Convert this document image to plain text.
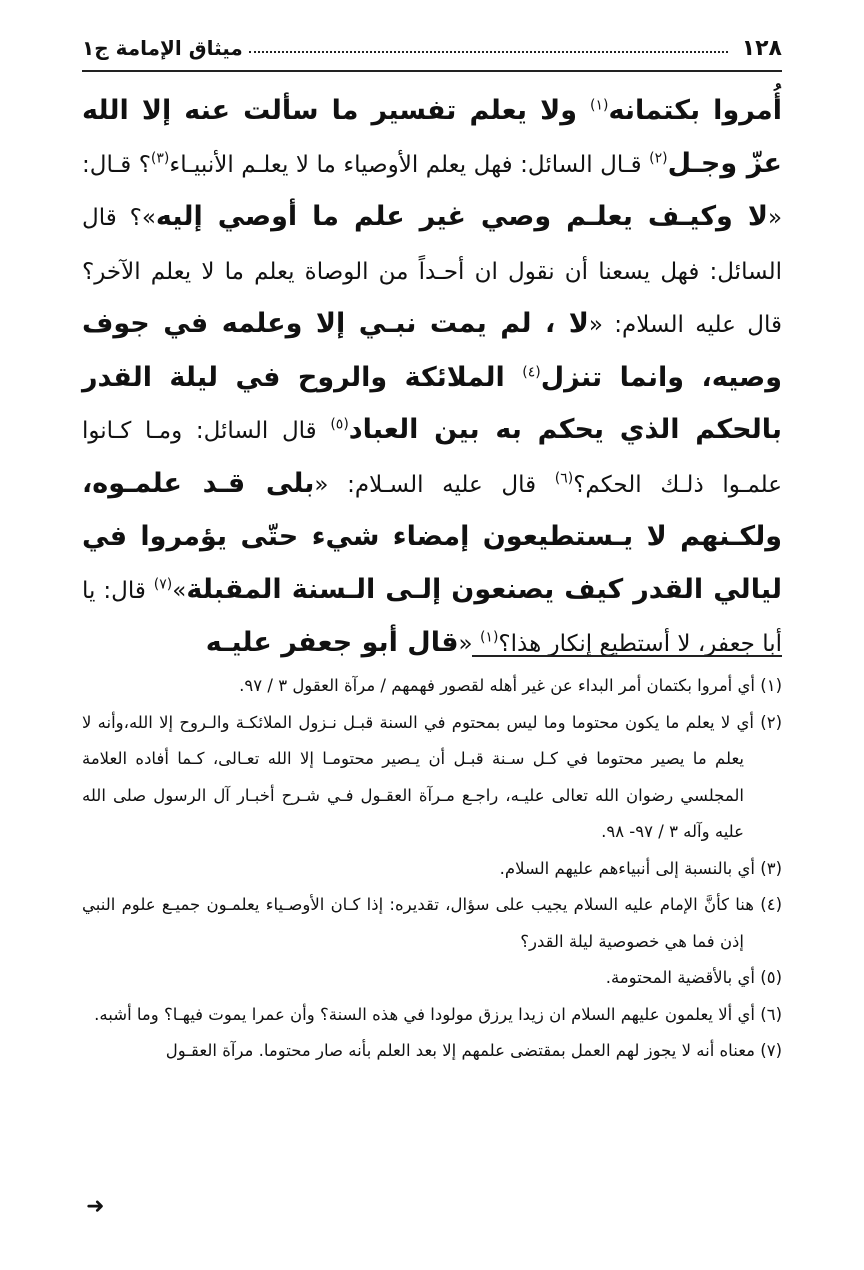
١٢٨
ميثاق الإمامة ج١
أُمروا بكتمانه$^{(١)}$ ولا يعلم تفسير ما سألت عنه إلا الله عزّ وجـل$^{(٢)}$ قـال السائل: فهل يعلم الأوصياء ما لا يعلـم الأنبيـاء$^{(٣)}$؟ قـال: «لا وكيـف يعلـم وصي غير علم ما أوصي إليه»؟ قال السائل: فهل يسعنا أن نقول ان أحـداً من الوصاة يعلم ما لا يعلم الآخر؟ قال عليه السلام: «لا ، لم يمت نبـي إلا وعلمه في جوف وصيه، وانما تنزل$^{(٤)}$ الملائكة والروح في ليلة القدر بالحكم الذي يحكم به بين العباد$^{(٥)}$ قال السائل: ومـا كـانوا علمـوا ذلـك الحكم؟$^{(٦)}$ قال عليه السـلام: «بلى قـد علمـوه، ولكـنهم لا يـستطيعون إمضاء شيء حتّى يؤمروا في ليالي القدر كيف يصنعون إلـى الـسنة المقبلة»$^{(٧)}$ قال: يا أبا جعفر، لا أستطيع إنكار هذا؟$^{(١)}$ «قال أبو جعفر عليـه

(١) أي أمروا بكتمان أمر البداء عن غير أهله لقصور فهمهم / مرآة العقول ٣ / ٩٧.

(٢) أي لا يعلم ما يكون محتوما وما ليس بمحتوم في السنة قبـل نـزول الملائكـة والـروح إلا الله،وأنه لا يعلم ما يصير محتوما في كـل سـنة قبـل أن يـصير محتومـا إلا الله تعـالى، كـما أفاده العلامة المجلسي رضوان الله تعالى عليـه، راجـع مـرآة العقـول فـي شـرح أخبـار آل الرسول صلى الله عليه وآله ٣ / ٩٧- ٩٨.

(٣) أي بالنسبة إلى أنبياءهم عليهم السلام.

(٤) هنا كأنَّ الإمام عليه السلام يجيب على سؤال، تقديره: إذا كـان الأوصـياء يعلمـون جميـع علوم النبي إذن فما هي خصوصية ليلة القدر؟

(٥) أي بالأقضية المحتومة.

(٦) أي ألا يعلمون عليهم السلام ان زيدا يرزق مولودا في هذه السنة؟ وأن عمرا يموت فيهـا؟ وما أشبه.

(٧) معناه أنه لا يجوز لهم العمل بمقتضى علمهم إلا بعد العلم بأنه صار محتوما. مرآة العقـول

➜
